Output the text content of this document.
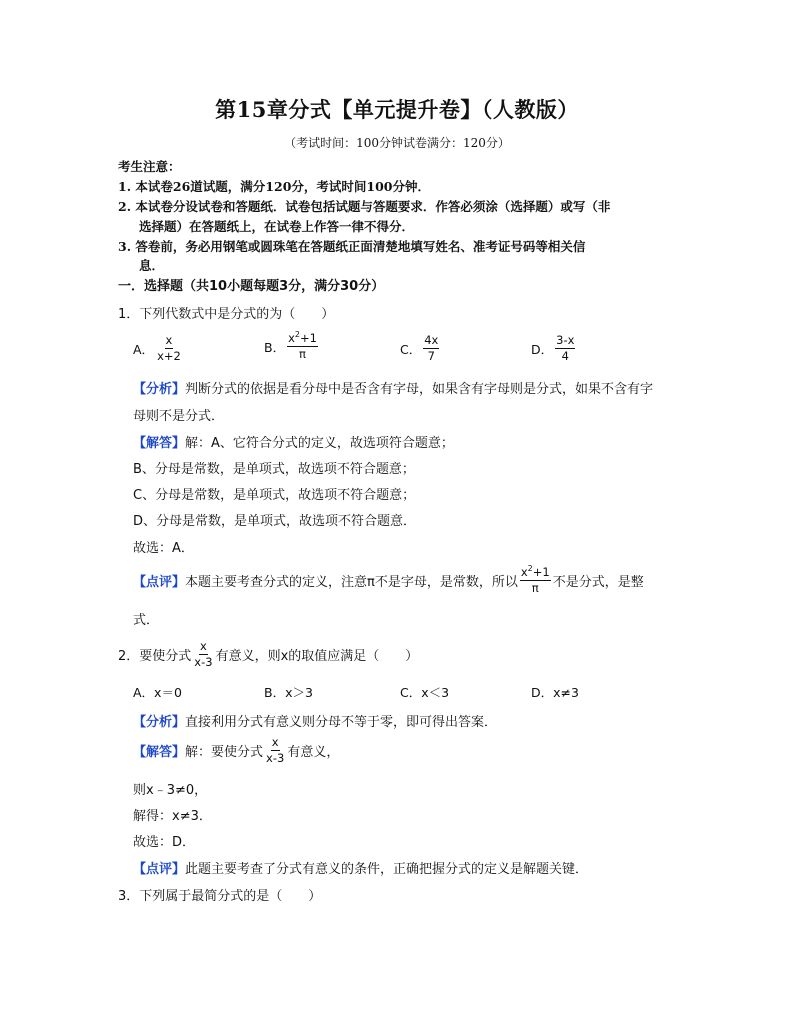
第15章分式【单元提升卷】（人教版）
（考试时间：100分钟试卷满分：120分）
考生注意：
1. 本试卷26道试题，满分120分，考试时间100分钟．
2. 本试卷分设试卷和答题纸．试卷包括试题与答题要求．作答必须涂（选择题）或写（非
选择题）在答题纸上，在试卷上作答一律不得分．
3. 答卷前，务必用钢笔或圆珠笔在答题纸正面清楚地填写姓名、准考证号码等相关信
息．
一．选择题（共10小题每题3分，满分30分）
1．下列代数式中是分式的为（　　）
A． $\frac{x}{x+2}$	B． $\frac{x^2+1}{\pi}$	C． $\frac{4x}{7}$	D． $\frac{3-x}{4}$
【分析】判断分式的依据是看分母中是否含有字母，如果含有字母则是分式，如果不含有字
母则不是分式．
【解答】解：A、它符合分式的定义，故选项符合题意；
B、分母是常数，是单项式，故选项不符合题意；
C、分母是常数，是单项式，故选项不符合题意；
D、分母是常数，是单项式，故选项不符合题意．
故选：A．
【点评】 本题主要考查分式的定义，注意π不是字母，是常数，所以 $\frac{x^2+1}{\pi}$ 不是分式，是整
式．
2．要使分式 $\frac{x}{x-3}$ 有意义，则x的取值应满足（　　）
A．x＝0	B．x＞3	C．x＜3	D．x≠3
【分析】直接利用分式有意义则分母不等于零，即可得出答案．
【解答】 解：要使分式 $\frac{x}{x-3}$ 有意义，
则x﹣3≠0，
解得：x≠3．
故选：D．
【点评】此题主要考查了分式有意义的条件，正确把握分式的定义是解题关键．
3．下列属于最简分式的是（　　）
